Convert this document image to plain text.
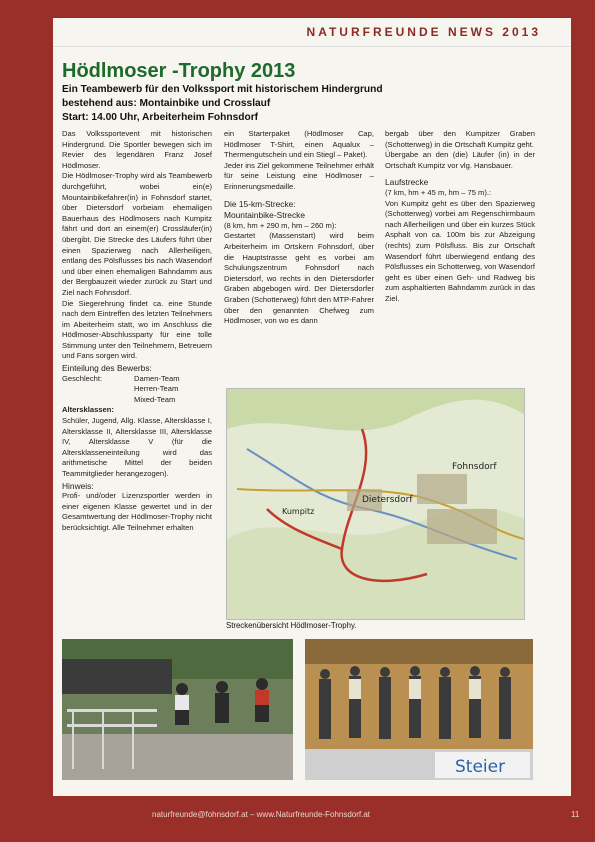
NATURFREUNDE NEWS 2013
Hödlmoser -Trophy 2013
Ein Teambewerb für den Volkssport mit historischem Hindergrund
bestehend aus: Montainbike und Crosslauf
Start: 14.00 Uhr, Arbeiterheim Fohnsdorf

Das Volkssportevent mit historischen Hindergrund. Die Sportler bewegen sich im Revier des legendären Franz Josef Hödlmoser.

Die Hödlmoser-Trophy wird als Teambewerb durchgeführt, wobei ein(e) Mountainbikefahrer(in) in Fohnsdorf startet, über Dietersdorf vorbeiam ehemaligen Bauerhaus des Hödlmosers nach Kumpitz fährt und dort an einem(er) Crossläufer(in) übergibt. Die Strecke des Läufers führt über einen Spazierweg nach Allerheiligen, entlang des Pölsflusses bis nach Wasendorf und über einen ehemaligen Bahndamm aus der Bergbauzeit wieder zurück zu Start und Ziel nach Fohnsdorf.

Die Siegerehrung findet ca. eine Stunde nach dem Eintreffen des letzten Teilnehmers im Abeiterheim statt, wo im Anschluss die Hödlmoser-Abschlussparty für eine tolle Stimmung unter den Teilnehmern, Betreuern und Fans sorgen wird.

Einteilung des Bewerbs:

Geschlecht:	Damen-Team
Herren-Team
Mixed-Team

Altersklassen:

Schüler, Jugend, Allg. Klasse, Altersklasse I, Altersklasse II, Altersklasse III, Altersklasse IV, Altersklasse V (für die Altersklasseneinteilung wird das arithmetische Mittel der beiden Teammitglieder herangezogen).

Hinweis:

Profi- und/oder Lizenzsportler werden in einer eigenen Klasse gewertet und in der Gesamtwertung der Hödlmoser-Trophy nicht berücksichtigt. Alle Teilnehmer erhalten

ein Starterpaket (Hödlmoser Cap, Hödlmoser T-Shirt, einen Aqualux – Thermengutschein und ein Stiegl – Paket).

Jeder ins Ziel gekommene Teilnehmer erhält für seine Leistung eine Hödlmoser – Erinnerungsmedaille.

Die 15-km-Strecke:

Mountainbike-Strecke

(8 km, hm + 290 m, hm – 260 m):

Gestartet (Massenstart) wird beim Arbeiterheim im Ortskern Fohnsdorf, über die Hauptstrasse geht es vorbei am Schulungszentrum Fohnsdorf nach Dietersdorf, wo rechts in den Dietersdorfer Graben abgebogen wird. Der Dietersdorfer Graben (Schotterweg) führt den MTP-Fahrer über den genannten Chefweg zum Hödlmoser, von wo es dann

bergab über den Kumpitzer Graben (Schotterweg) in die Ortschaft Kumpitz geht.

Übergabe an den (die) Läufer (in) in der Ortschaft Kumpitz vor vlg. Hansbauer.

Laufstrecke

(7 km, hm + 45 m, hm – 75 m).:

Von Kumpitz geht es über den Spazierweg (Schotterweg) vorbei am Regenschirmbaum nach Allerheiligen und über ein kurzes Stück Asphalt von ca. 100m bis zur Abzeigung (rechts) zum Pölsfluss. Bis zur Ortschaft Wasendorf führt überwiegend entlang des Pölsflusses ein Schotterweg, von Wasendorf geht es über einen Geh- und Radweg bis zum asphaltierten Bahndamm zurück in das Ziel.

Dietersdorf
Fohnsdorf
Kumpitz
Streckenübersicht Hödlmoser-Trophy.
Steier
naturfreunde@fohnsdorf.at – www.Naturfreunde-Fohnsdorf.at	11
